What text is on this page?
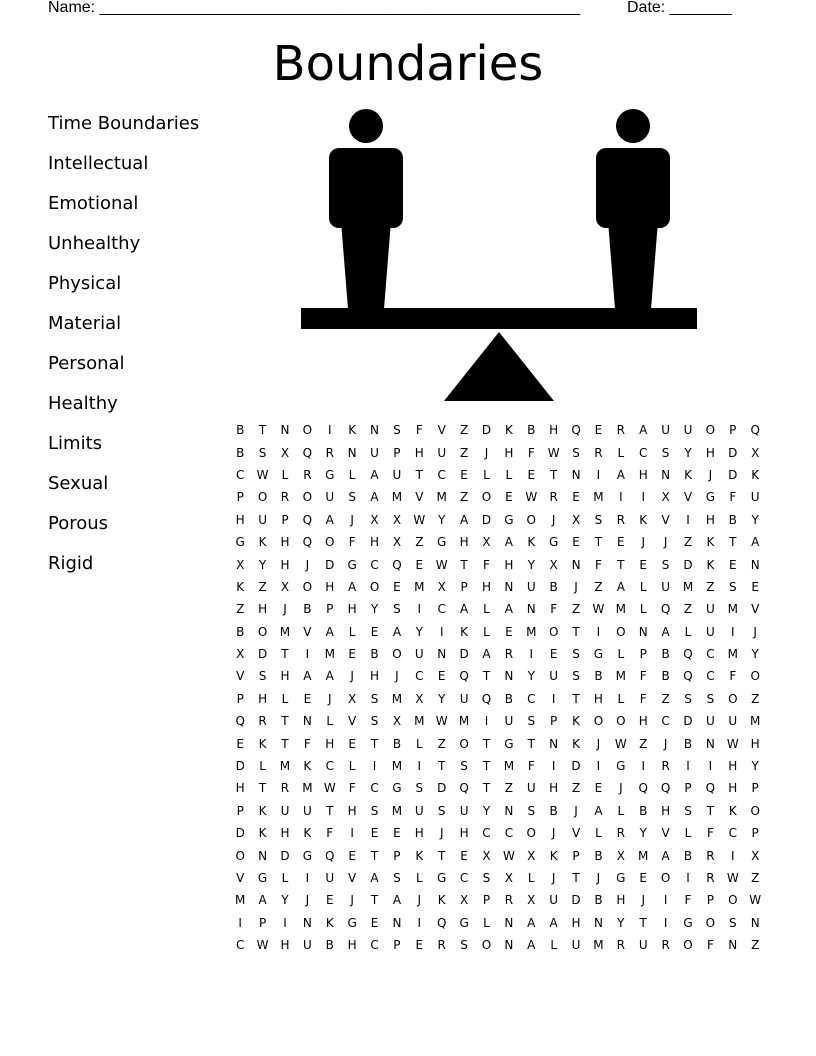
Name: ______________________________________________________	Date: _______
Boundaries
Time Boundaries
Intellectual
Emotional
Unhealthy
Physical
Material
Personal
Healthy
Limits
Sexual
Porous
Rigid
B	T	N	O	I	K	N	S	F	V	Z	D	K	B	H	Q	E	R	A	U	U	O	P	Q
B	S	X	Q	R	N	U	P	H	U	Z	J	H	F	W	S	R	L	C	S	Y	H	D	X
C	W	L	R	G	L	A	U	T	C	E	L	L	E	T	N	I	A	H	N	K	J	D	K
P	O	R	O	U	S	A	M	V	M	Z	O	E	W	R	E	M	I	I	X	V	G	F	U
H	U	P	Q	A	J	X	X	W	Y	A	D	G	O	J	X	S	R	K	V	I	H	B	Y
G	K	H	Q	O	F	H	X	Z	G	H	X	A	K	G	E	T	E	J	J	Z	K	T	A
X	Y	H	J	D	G	C	Q	E	W	T	F	H	Y	X	N	F	T	E	S	D	K	E	N
K	Z	X	O	H	A	O	E	M	X	P	H	N	U	B	J	Z	A	L	U	M	Z	S	E
Z	H	J	B	P	H	Y	S	I	C	A	L	A	N	F	Z	W	M	L	Q	Z	U	M	V
B	O	M	V	A	L	E	A	Y	I	K	L	E	M	O	T	I	O	N	A	L	U	I	J
X	D	T	I	M	E	B	O	U	N	D	A	R	I	E	S	G	L	P	B	Q	C	M	Y
V	S	H	A	A	J	H	J	C	E	Q	T	N	Y	U	S	B	M	F	B	Q	C	F	O
P	H	L	E	J	X	S	M	X	Y	U	Q	B	C	I	T	H	L	F	Z	S	S	O	Z
Q	R	T	N	L	V	S	X	M	W	M	I	U	S	P	K	O	O	H	C	D	U	U	M
E	K	T	F	H	E	T	B	L	Z	O	T	G	T	N	K	J	W	Z	J	B	N	W	H
D	L	M	K	C	L	I	M	I	T	S	T	M	F	I	D	I	G	I	R	I	I	H	Y
H	T	R	M	W	F	C	G	S	D	Q	T	Z	U	H	Z	E	J	Q	Q	P	Q	H	P
P	K	U	U	T	H	S	M	U	S	U	Y	N	S	B	J	A	L	B	H	S	T	K	O
D	K	H	K	F	I	E	E	H	J	H	C	C	O	J	V	L	R	Y	V	L	F	C	P
O	N	D	G	Q	E	T	P	K	T	E	X	W	X	K	P	B	X	M	A	B	R	I	X
V	G	L	I	U	V	A	S	L	G	C	S	X	L	J	T	J	G	E	O	I	R	W	Z
M	A	Y	J	E	J	T	A	J	K	X	P	R	X	U	D	B	H	J	I	F	P	O	W
I	P	I	N	K	G	E	N	I	Q	G	L	N	A	A	H	N	Y	T	I	G	O	S	N
C	W	H	U	B	H	C	P	E	R	S	O	N	A	L	U	M	R	U	R	O	F	N	Z
